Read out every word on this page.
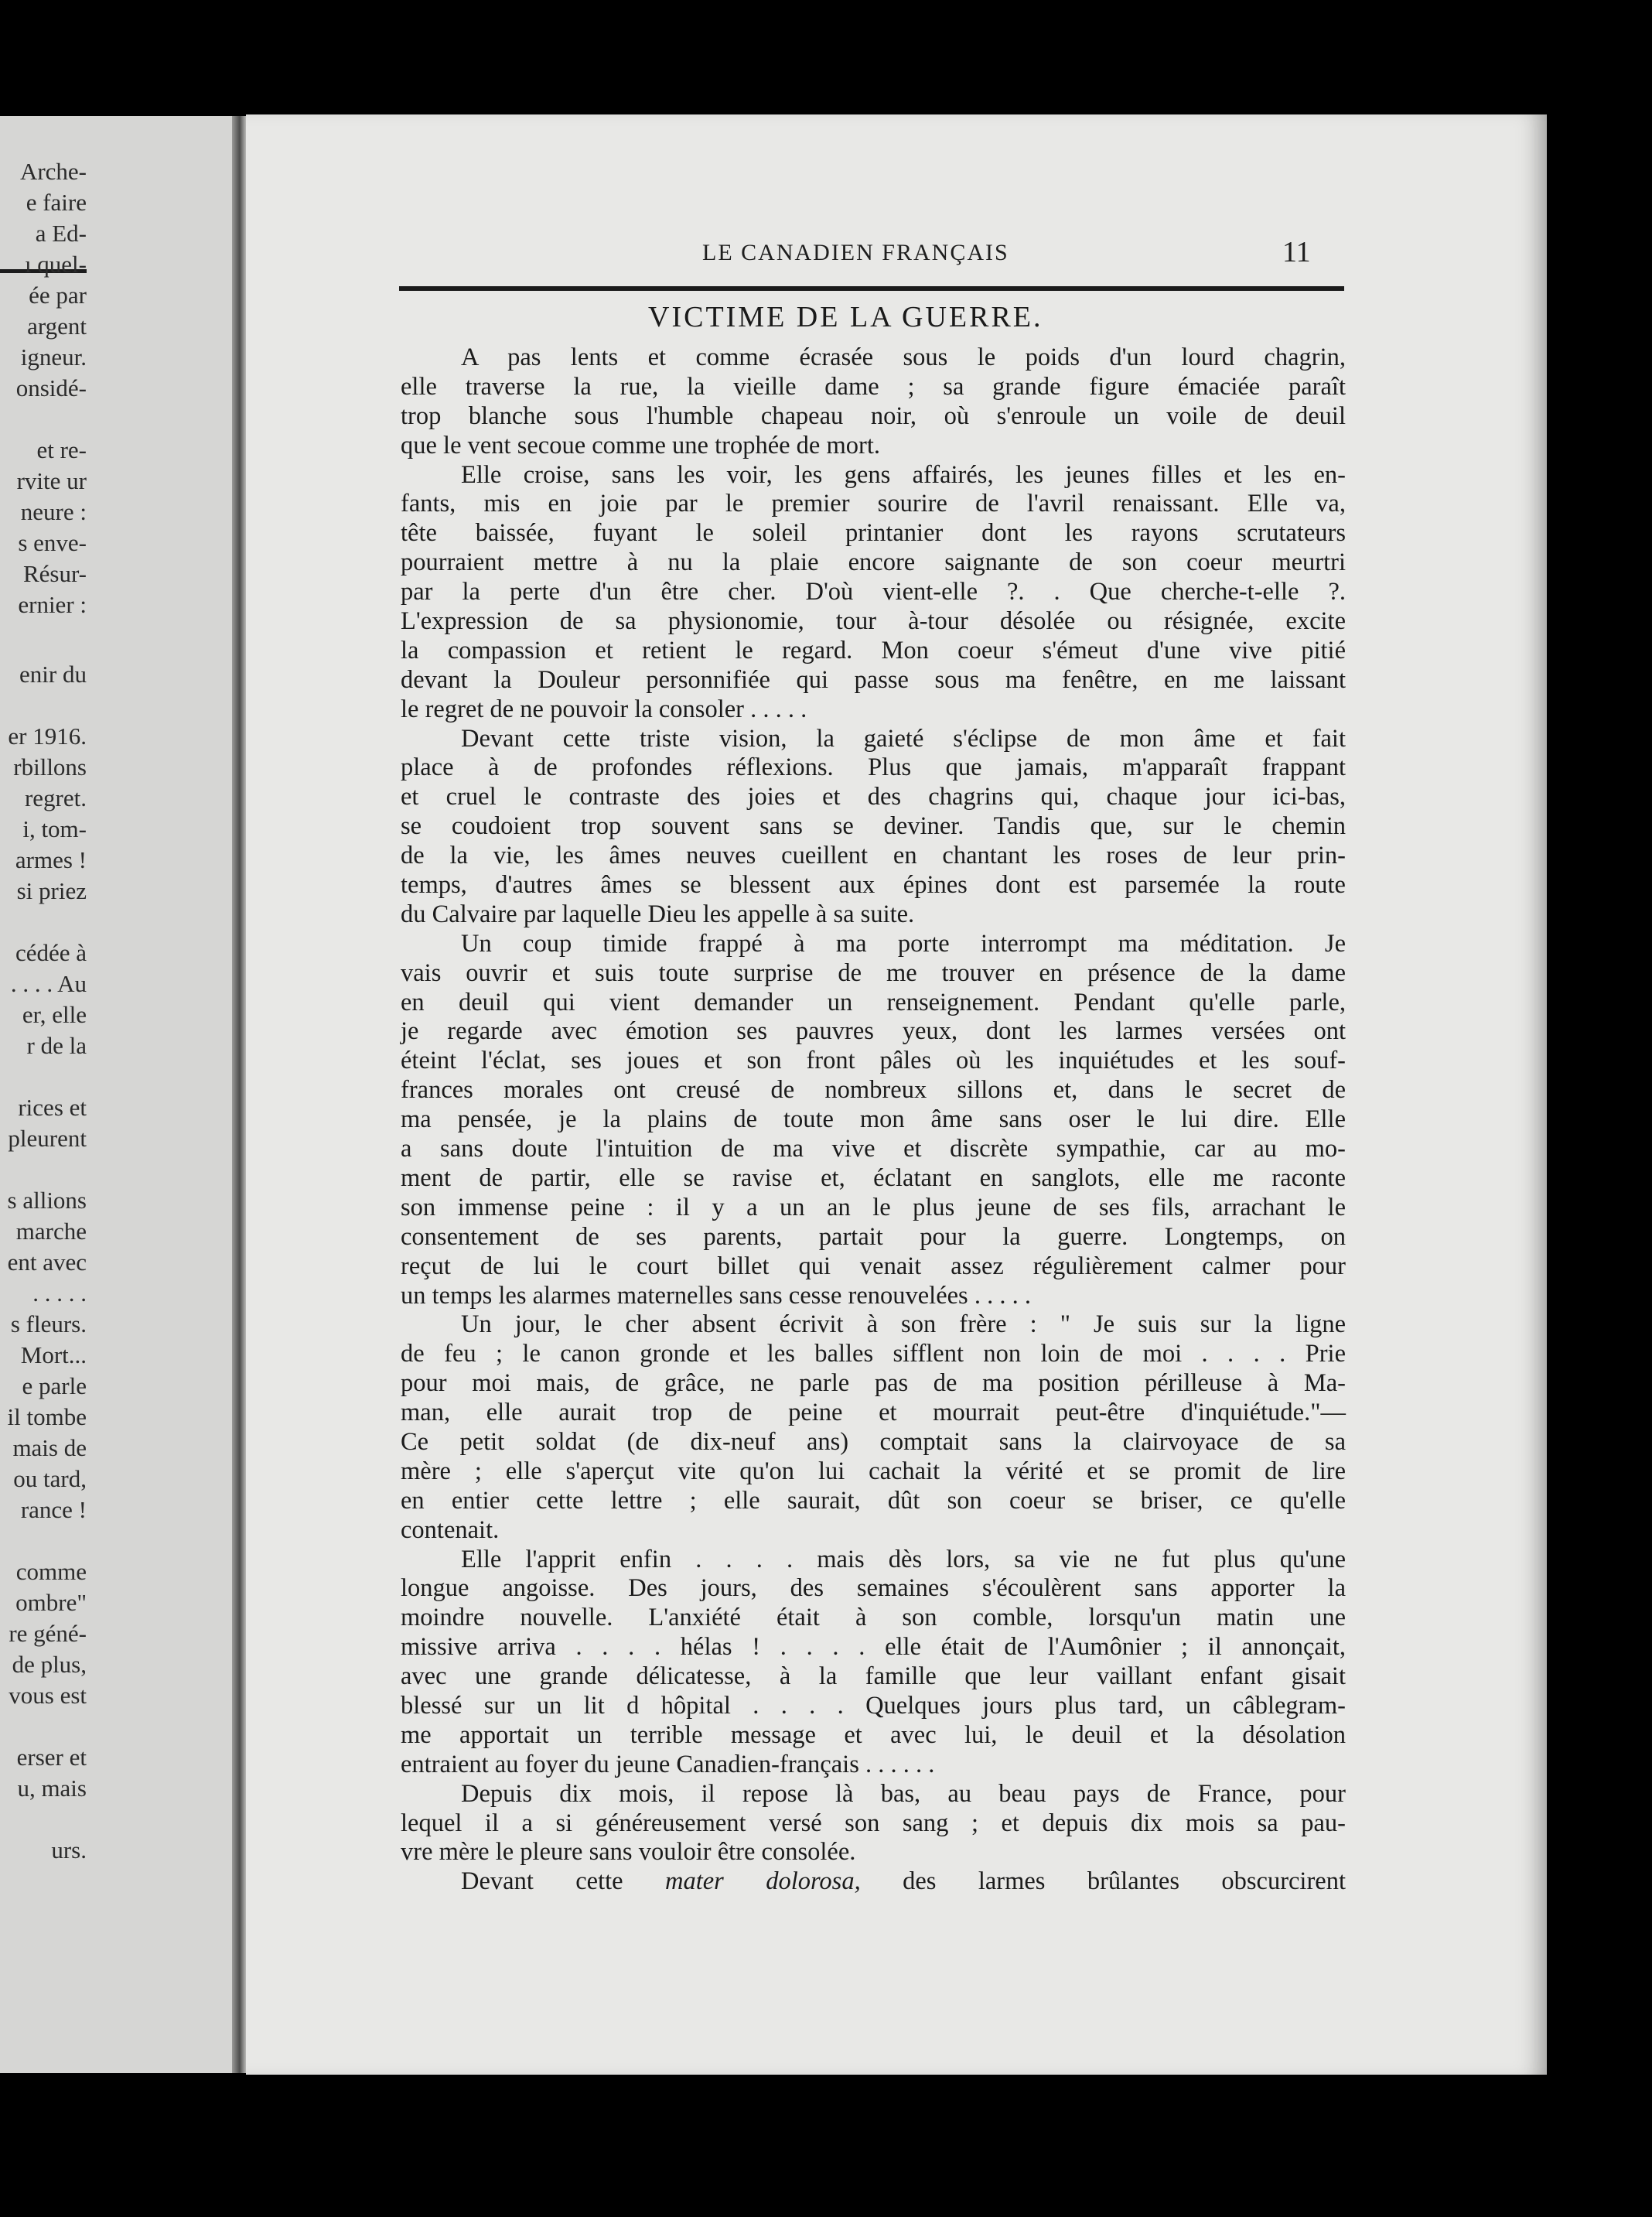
Arche-
e faire
a Ed-
ı quel-
ée par
argent
igneur.
onsidé-
et re-
rvite ur
neure :
s enve-
Résur-
ernier :
enir du
er 1916.
rbillons
regret.
i, tom-
armes !
si priez
cédée à
. . . . Au
er, elle
r de la
rices et
pleurent
s allions
marche
ent avec
. . . . .
s fleurs.
Mort...
e parle
il tombe
mais de
ou tard,
rance !
comme
ombre"
re géné-
de plus,
vous est
erser et
u, mais
urs.
LE CANADIEN FRANÇAIS	11
VICTIME DE LA GUERRE.
A pas lents et comme écrasée sous le poids d'un lourd chagrin,
elle traverse la rue, la vieille dame ; sa grande figure émaciée paraît
trop blanche sous l'humble chapeau noir, où s'enroule un voile de deuil
que le vent secoue comme une trophée de mort.
Elle croise, sans les voir, les gens affairés, les jeunes filles et les en-
fants, mis en joie par le premier sourire de l'avril renaissant. Elle va,
tête baissée, fuyant le soleil printanier dont les rayons scrutateurs
pourraient mettre à nu la plaie encore saignante de son coeur meurtri
par la perte d'un être cher. D'où vient-elle ?. . Que cherche-t-elle ?.
L'expression de sa physionomie, tour à-tour désolée ou résignée, excite
la compassion et retient le regard. Mon coeur s'émeut d'une vive pitié
devant la Douleur personnifiée qui passe sous ma fenêtre, en me laissant
le regret de ne pouvoir la consoler . . . . .
Devant cette triste vision, la gaieté s'éclipse de mon âme et fait
place à de profondes réflexions. Plus que jamais, m'apparaît frappant
et cruel le contraste des joies et des chagrins qui, chaque jour ici-bas,
se coudoient trop souvent sans se deviner. Tandis que, sur le chemin
de la vie, les âmes neuves cueillent en chantant les roses de leur prin-
temps, d'autres âmes se blessent aux épines dont est parsemée la route
du Calvaire par laquelle Dieu les appelle à sa suite.
Un coup timide frappé à ma porte interrompt ma méditation. Je
vais ouvrir et suis toute surprise de me trouver en présence de la dame
en deuil qui vient demander un renseignement. Pendant qu'elle parle,
je regarde avec émotion ses pauvres yeux, dont les larmes versées ont
éteint l'éclat, ses joues et son front pâles où les inquiétudes et les souf-
frances morales ont creusé de nombreux sillons et, dans le secret de
ma pensée, je la plains de toute mon âme sans oser le lui dire. Elle
a sans doute l'intuition de ma vive et discrète sympathie, car au mo-
ment de partir, elle se ravise et, éclatant en sanglots, elle me raconte
son immense peine : il y a un an le plus jeune de ses fils, arrachant le
consentement de ses parents, partait pour la guerre. Longtemps, on
reçut de lui le court billet qui venait assez régulièrement calmer pour
un temps les alarmes maternelles sans cesse renouvelées . . . . .
Un jour, le cher absent écrivit à son frère : " Je suis sur la ligne
de feu ; le canon gronde et les balles sifflent non loin de moi . . . . Prie
pour moi mais, de grâce, ne parle pas de ma position périlleuse à Ma-
man, elle aurait trop de peine et mourrait peut-être d'inquiétude."—
Ce petit soldat (de dix-neuf ans) comptait sans la clairvoyace de sa
mère ; elle s'aperçut vite qu'on lui cachait la vérité et se promit de lire
en entier cette lettre ; elle saurait, dût son coeur se briser, ce qu'elle
contenait.
Elle l'apprit enfin . . . . mais dès lors, sa vie ne fut plus qu'une
longue angoisse. Des jours, des semaines s'écoulèrent sans apporter la
moindre nouvelle. L'anxiété était à son comble, lorsqu'un matin une
missive arriva . . . . hélas ! . . . . elle était de l'Aumônier ; il annonçait,
avec une grande délicatesse, à la famille que leur vaillant enfant gisait
blessé sur un lit d hôpital . . . . Quelques jours plus tard, un câblegram-
me apportait un terrible message et avec lui, le deuil et la désolation
entraient au foyer du jeune Canadien-français . . . . . .
Depuis dix mois, il repose là bas, au beau pays de France, pour
lequel il a si généreusement versé son sang ; et depuis dix mois sa pau-
vre mère le pleure sans vouloir être consolée.
Devant cette mater dolorosa, des larmes brûlantes obscurcirent
